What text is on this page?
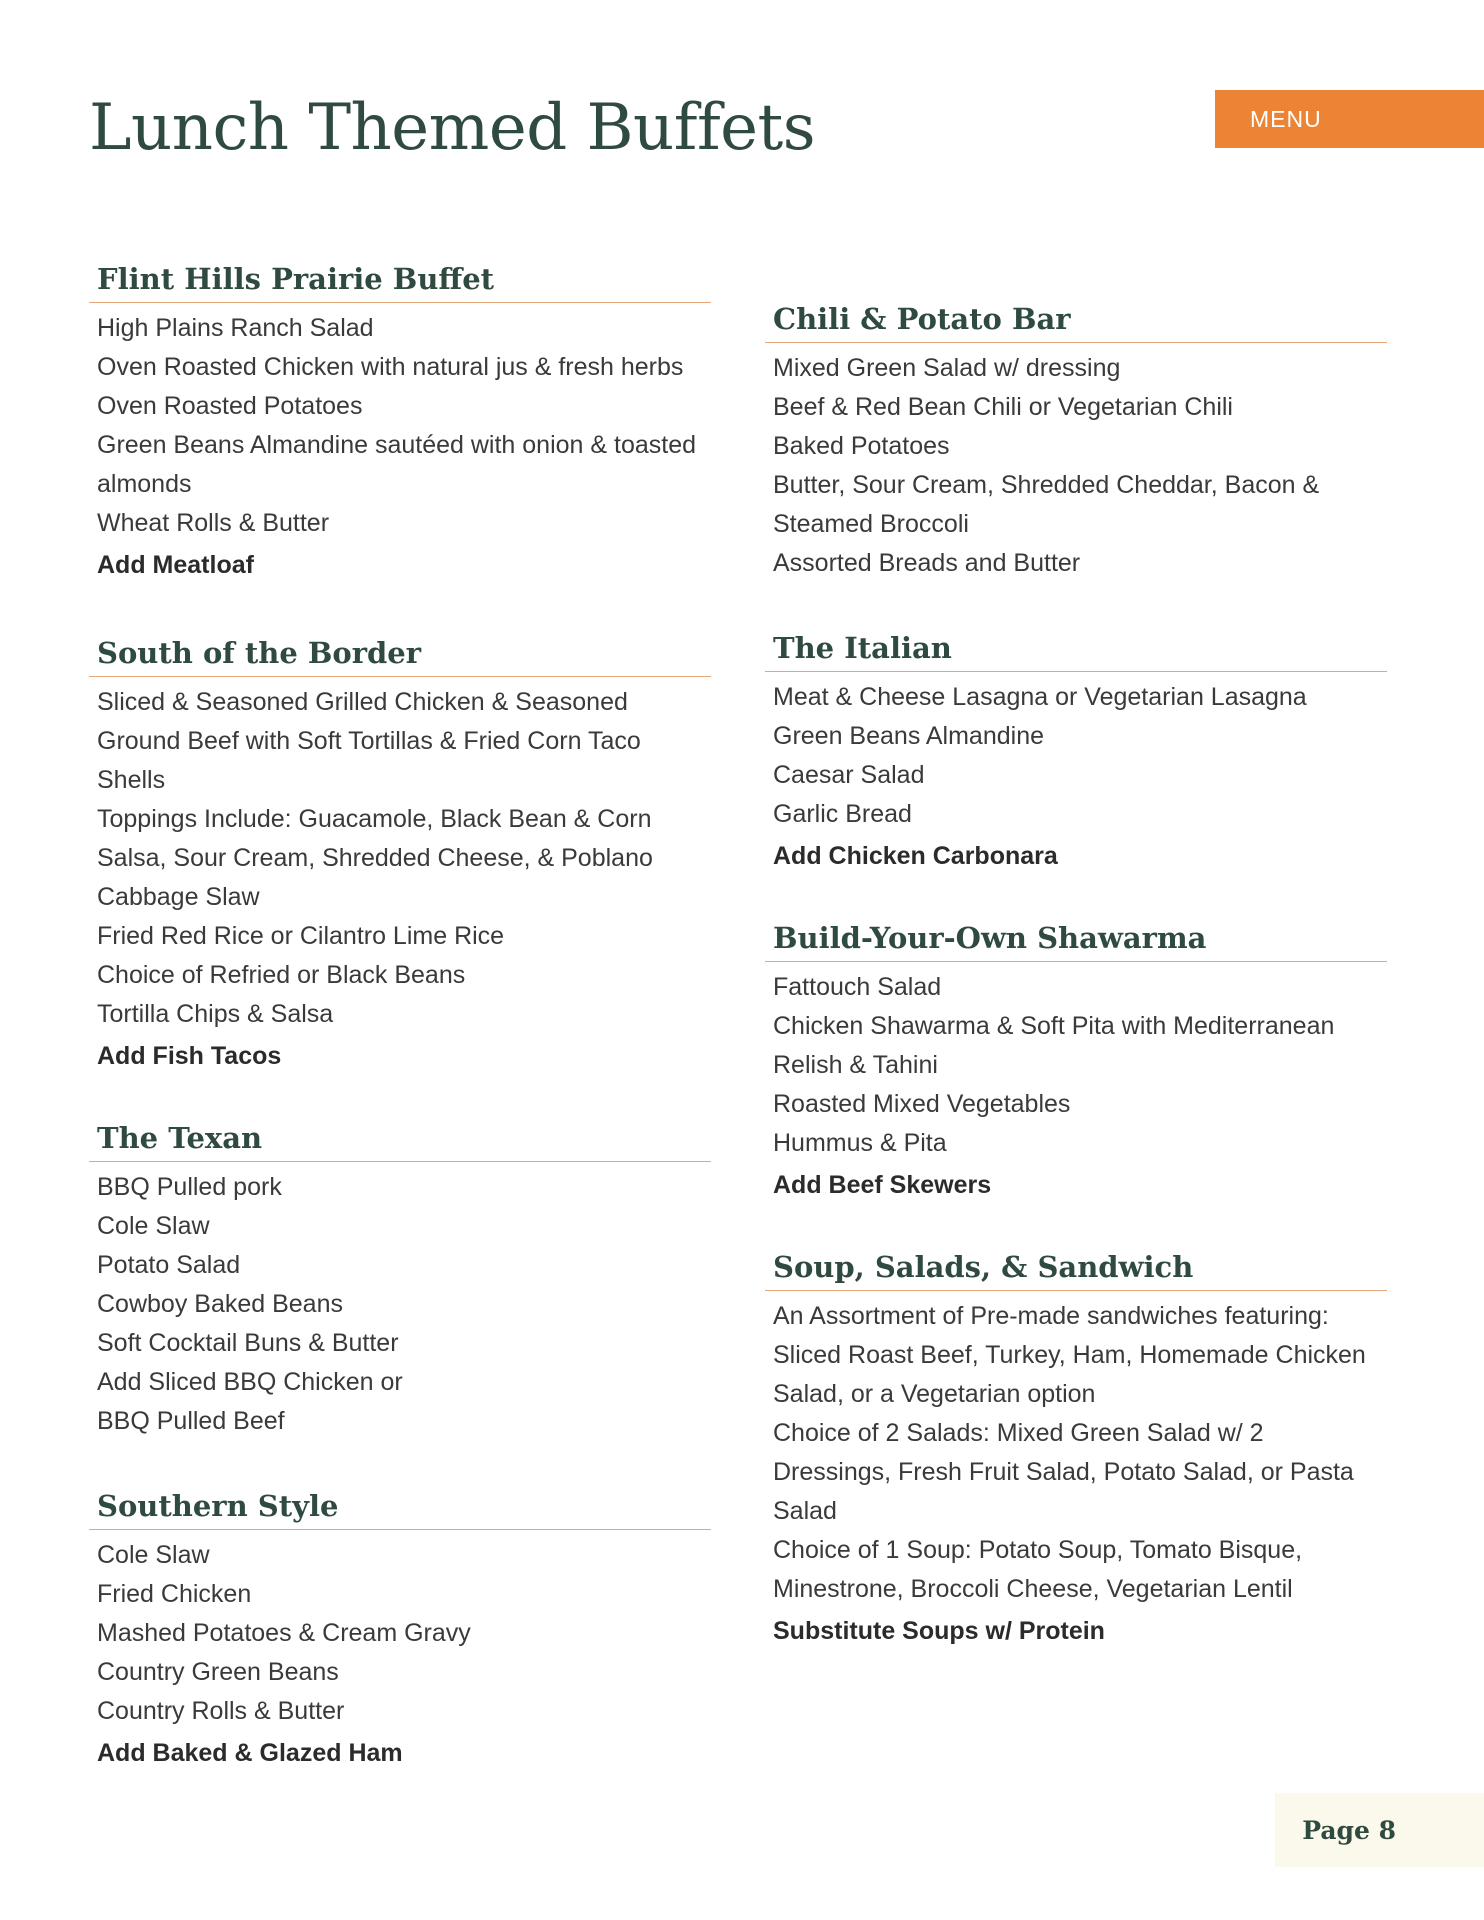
Lunch Themed Buffets	MENU
Flint Hills Prairie Buffet
High Plains Ranch Salad
Oven Roasted Chicken with natural jus & fresh herbs
Oven Roasted Potatoes
Green Beans Almandine sautéed with onion & toasted almonds
Wheat Rolls & Butter
Add Meatloaf
South of the Border
Sliced & Seasoned Grilled Chicken & Seasoned Ground Beef with Soft Tortillas & Fried Corn Taco Shells
Toppings Include: Guacamole, Black Bean & Corn Salsa, Sour Cream, Shredded Cheese, & Poblano Cabbage Slaw
Fried Red Rice or Cilantro Lime Rice
Choice of Refried or Black Beans
Tortilla Chips & Salsa
Add Fish Tacos
The Texan
BBQ Pulled pork
Cole Slaw
Potato Salad
Cowboy Baked Beans
Soft Cocktail Buns & Butter
Add Sliced BBQ Chicken or
BBQ Pulled Beef
Southern Style
Cole Slaw
Fried Chicken
Mashed Potatoes & Cream Gravy
Country Green Beans
Country Rolls & Butter
Add Baked & Glazed Ham
Chili & Potato Bar
Mixed Green Salad w/ dressing
Beef & Red Bean Chili or Vegetarian Chili
Baked Potatoes
Butter, Sour Cream, Shredded Cheddar, Bacon & Steamed Broccoli
Assorted Breads and Butter
The Italian
Meat & Cheese Lasagna or Vegetarian Lasagna
Green Beans Almandine
Caesar Salad
Garlic Bread
Add Chicken Carbonara
Build-Your-Own Shawarma
Fattouch Salad
Chicken Shawarma & Soft Pita with Mediterranean Relish & Tahini
Roasted Mixed Vegetables
Hummus & Pita
Add Beef Skewers
Soup, Salads, & Sandwich
An Assortment of Pre-made sandwiches featuring: Sliced Roast Beef, Turkey, Ham, Homemade Chicken Salad, or a Vegetarian option
Choice of 2 Salads: Mixed Green Salad w/ 2 Dressings, Fresh Fruit Salad, Potato Salad, or Pasta Salad
Choice of 1 Soup: Potato Soup, Tomato Bisque, Minestrone, Broccoli Cheese, Vegetarian Lentil
Substitute Soups w/ Protein
Page 8
